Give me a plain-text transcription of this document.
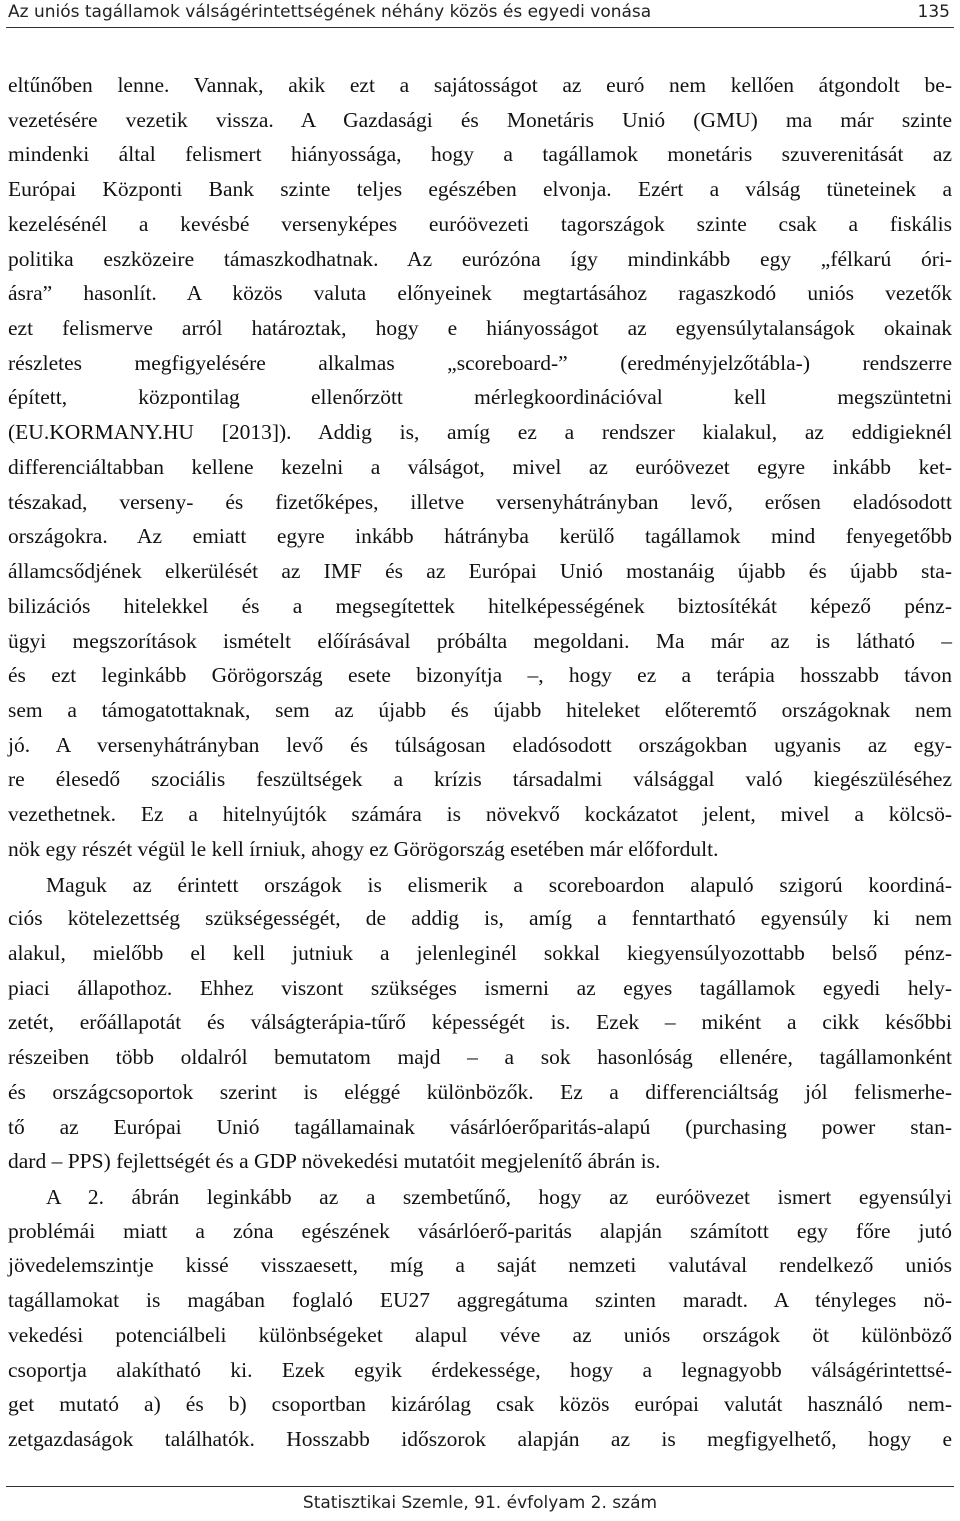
Az uniós tagállamok válságérintettségének néhány közös és egyedi vonása	135
eltűnőben lenne. Vannak, akik ezt a sajátosságot az euró nem kellően átgondolt be-
vezetésére vezetik vissza. A Gazdasági és Monetáris Unió (GMU) ma már szinte
mindenki által felismert hiányossága, hogy a tagállamok monetáris szuverenitását az
Európai Központi Bank szinte teljes egészében elvonja. Ezért a válság tüneteinek a
kezelésénél a kevésbé versenyképes euróövezeti tagországok szinte csak a fiskális
politika eszközeire támaszkodhatnak. Az eurózóna így mindinkább egy „félkarú óri-
ásra” hasonlít. A közös valuta előnyeinek megtartásához ragaszkodó uniós vezetők
ezt felismerve arról határoztak, hogy e hiányosságot az egyensúlytalanságok okainak
részletes megfigyelésére alkalmas „scoreboard-” (eredményjelzőtábla-) rendszerre
épített, központilag ellenőrzött mérlegkoordinációval kell megszüntetni
(EU.KORMANY.HU [2013]). Addig is, amíg ez a rendszer kialakul, az eddigieknél
differenciáltabban kellene kezelni a válságot, mivel az euróövezet egyre inkább ket-
tészakad, verseny- és fizetőképes, illetve versenyhátrányban levő, erősen eladósodott
országokra. Az emiatt egyre inkább hátrányba kerülő tagállamok mind fenyegetőbb
államcsődjének elkerülését az IMF és az Európai Unió mostanáig újabb és újabb sta-
bilizációs hitelekkel és a megsegítettek hitelképességének biztosítékát képező pénz-
ügyi megszorítások ismételt előírásával próbálta megoldani. Ma már az is látható –
és ezt leginkább Görögország esete bizonyítja –, hogy ez a terápia hosszabb távon
sem a támogatottaknak, sem az újabb és újabb hiteleket előteremtő országoknak nem
jó. A versenyhátrányban levő és túlságosan eladósodott országokban ugyanis az egy-
re élesedő szociális feszültségek a krízis társadalmi válsággal való kiegészüléséhez
vezethetnek. Ez a hitelnyújtók számára is növekvő kockázatot jelent, mivel a kölcsö-
nök egy részét végül le kell írniuk, ahogy ez Görögország esetében már előfordult.
Maguk az érintett országok is elismerik a scoreboardon alapuló szigorú koordiná-
ciós kötelezettség szükségességét, de addig is, amíg a fenntartható egyensúly ki nem
alakul, mielőbb el kell jutniuk a jelenleginél sokkal kiegyensúlyozottabb belső pénz-
piaci állapothoz. Ehhez viszont szükséges ismerni az egyes tagállamok egyedi hely-
zetét, erőállapotát és válságterápia-tűrő képességét is. Ezek – miként a cikk későbbi
részeiben több oldalról bemutatom majd – a sok hasonlóság ellenére, tagállamonként
és országcsoportok szerint is eléggé különbözők. Ez a differenciáltság jól felismerhe-
tő az Európai Unió tagállamainak vásárlóerőparitás-alapú (purchasing power stan-
dard – PPS) fejlettségét és a GDP növekedési mutatóit megjelenítő ábrán is.
A 2. ábrán leginkább az a szembetűnő, hogy az euróövezet ismert egyensúlyi
problémái miatt a zóna egészének vásárlóerő-paritás alapján számított egy főre jutó
jövedelemszintje kissé visszaesett, míg a saját nemzeti valutával rendelkező uniós
tagállamokat is magában foglaló EU27 aggregátuma szinten maradt. A tényleges nö-
vekedési potenciálbeli különbségeket alapul véve az uniós országok öt különböző
csoportja alakítható ki. Ezek egyik érdekessége, hogy a legnagyobb válságérintettsé-
get mutató a) és b) csoportban kizárólag csak közös európai valutát használó nem-
zetgazdaságok találhatók. Hosszabb időszorok alapján az is megfigyelhető, hogy e
Statisztikai Szemle, 91. évfolyam 2. szám
